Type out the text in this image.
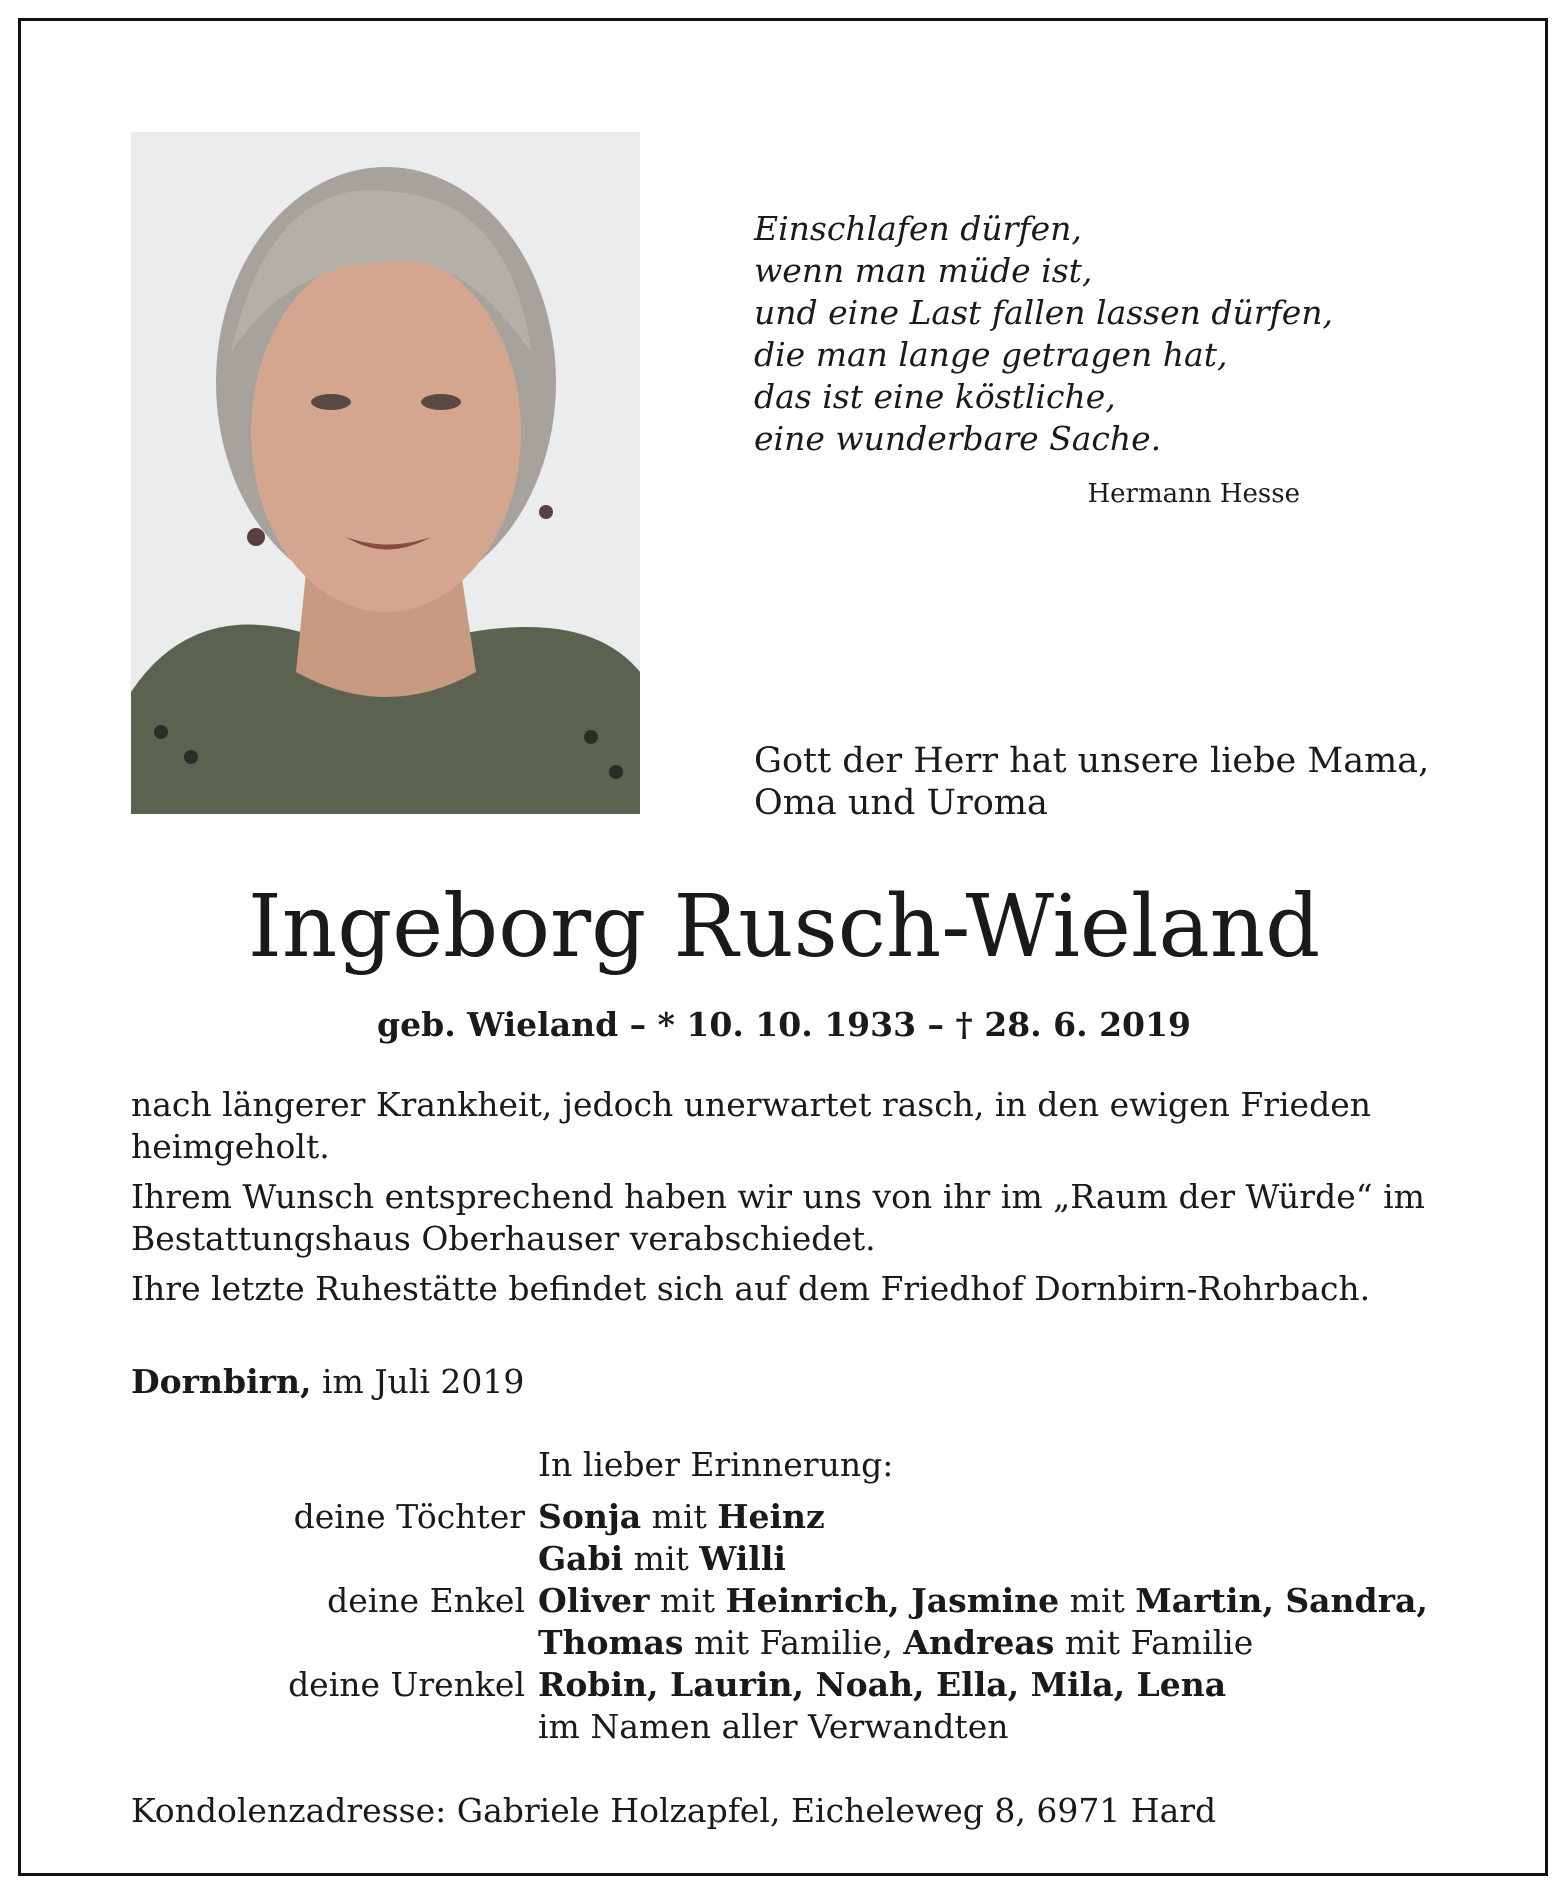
Einschlafen dürfen,
wenn man müde ist,
und eine Last fallen lassen dürfen,
die man lange getragen hat,
das ist eine köstliche,
eine wunderbare Sache.
Hermann Hesse
Gott der Herr hat unsere liebe Mama,
Oma und Uroma
Ingeborg Rusch-Wieland
geb. Wieland – * 10. 10. 1933 – † 28. 6. 2019

nach längerer Krankheit, jedoch unerwartet rasch, in den ewigen Frieden heimgeholt.

Ihrem Wunsch entsprechend haben wir uns von ihr im „Raum der Würde“ im Bestattungshaus Oberhauser verabschiedet.

Ihre letzte Ruhestätte befindet sich auf dem Friedhof Dornbirn-Rohrbach.

Dornbirn, im Juli 2019
In lieber Erinnerung:
deine Töchter Sonja mit Heinz
Gabi mit Willi
deine Enkel Oliver mit Heinrich, Jasmine mit Martin, Sandra,
Thomas mit Familie, Andreas mit Familie
deine Urenkel Robin, Laurin, Noah, Ella, Mila, Lena
im Namen aller Verwandten
Kondolenzadresse: Gabriele Holzapfel, Eicheleweg 8, 6971 Hard
